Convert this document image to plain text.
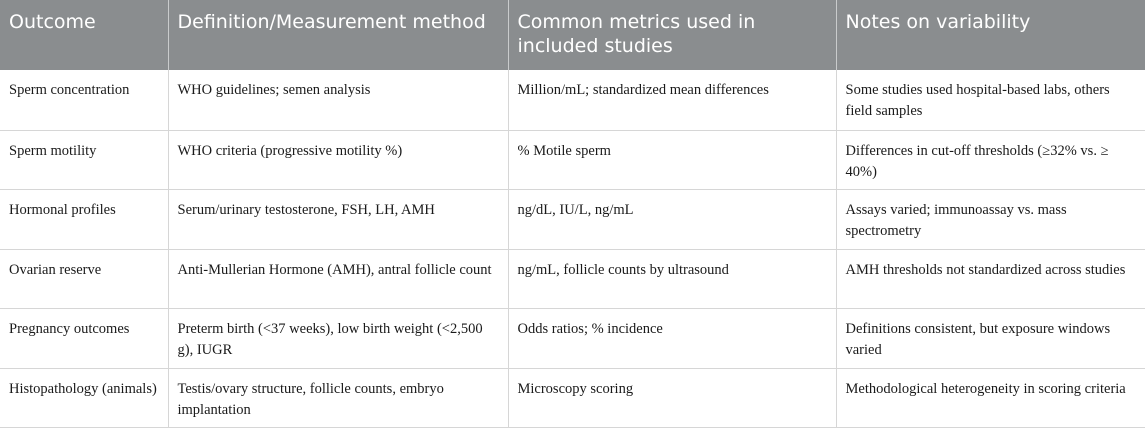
Outcome	Definition/Measurement method	Common metrics used in included studies	Notes on variability
Sperm concentration	WHO guidelines; semen analysis	Million/mL; standardized mean differences	Some studies used hospital-based labs, others field samples
Sperm motility	WHO criteria (progressive motility %)	% Motile sperm	Differences in cut-off thresholds (≥32% vs. ≥ 40%)
Hormonal profiles	Serum/urinary testosterone, FSH, LH, AMH	ng/dL, IU/L, ng/mL	Assays varied; immunoassay vs. mass spectrometry
Ovarian reserve	Anti-Mullerian Hormone (AMH), antral follicle count	ng/mL, follicle counts by ultrasound	AMH thresholds not standardized across studies
Pregnancy outcomes	Preterm birth (<37 weeks), low birth weight (<2,500 g), IUGR	Odds ratios; % incidence	Definitions consistent, but exposure windows varied
Histopathology (animals)	Testis/ovary structure, follicle counts, embryo implantation	Microscopy scoring	Methodological heterogeneity in scoring criteria
